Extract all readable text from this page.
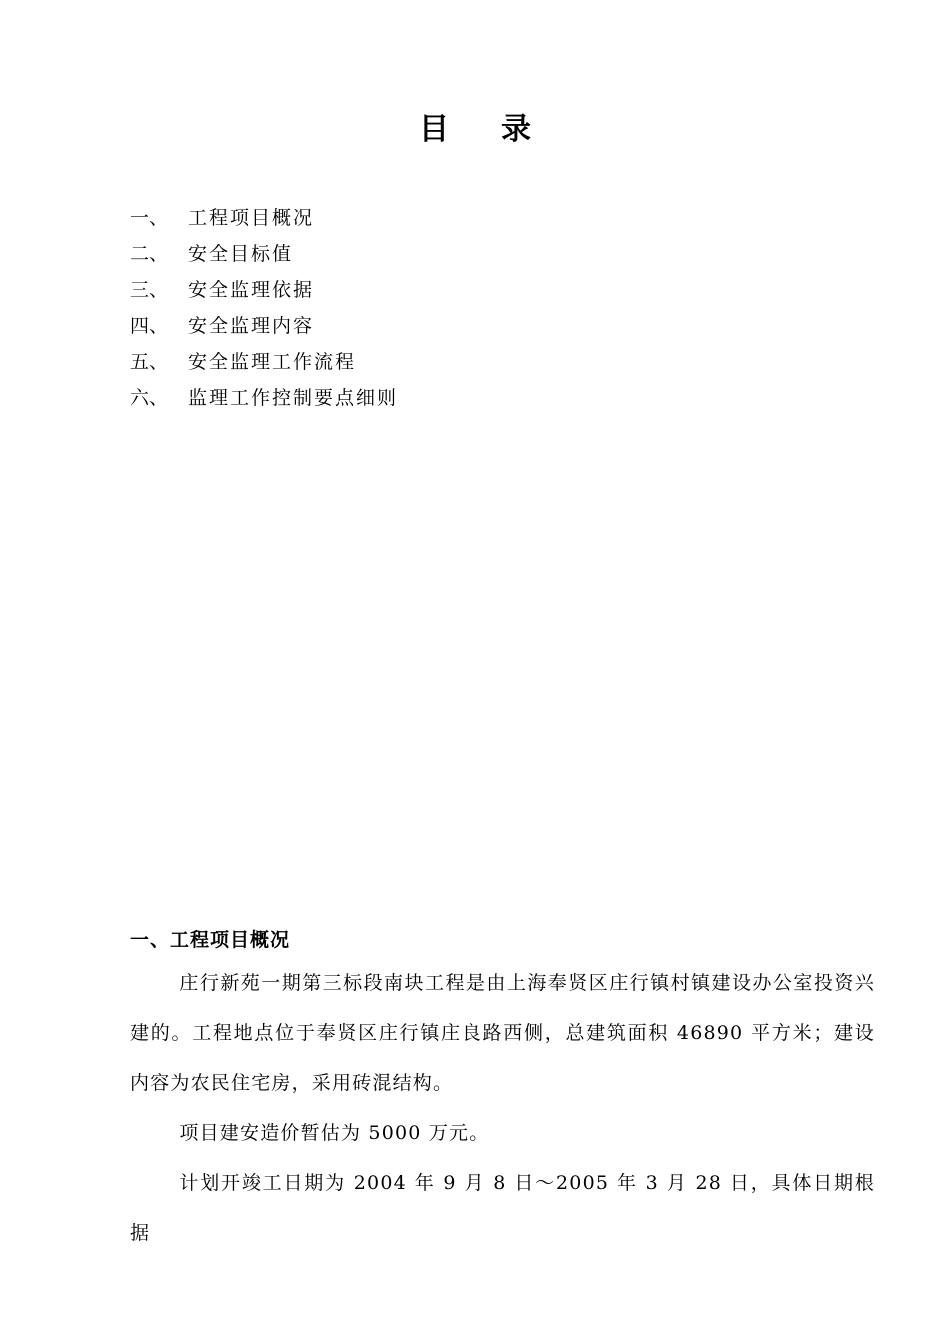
目录
一、 工程项目概况
二、 安全目标值
三、 安全监理依据
四、 安全监理内容
五、 安全监理工作流程
六、 监理工作控制要点细则
一、工程项目概况

庄行新苑一期第三标段南块工程是由上海奉贤区庄行镇村镇建设办公室投资兴建的。工程地点位于奉贤区庄行镇庄良路西侧，总建筑面积 46890 平方米；建设内容为农民住宅房，采用砖混结构。

项目建安造价暂估为 5000 万元。

计划开竣工日期为 2004 年 9 月 8 日～2005 年 3 月 28 日，具体日期根据
